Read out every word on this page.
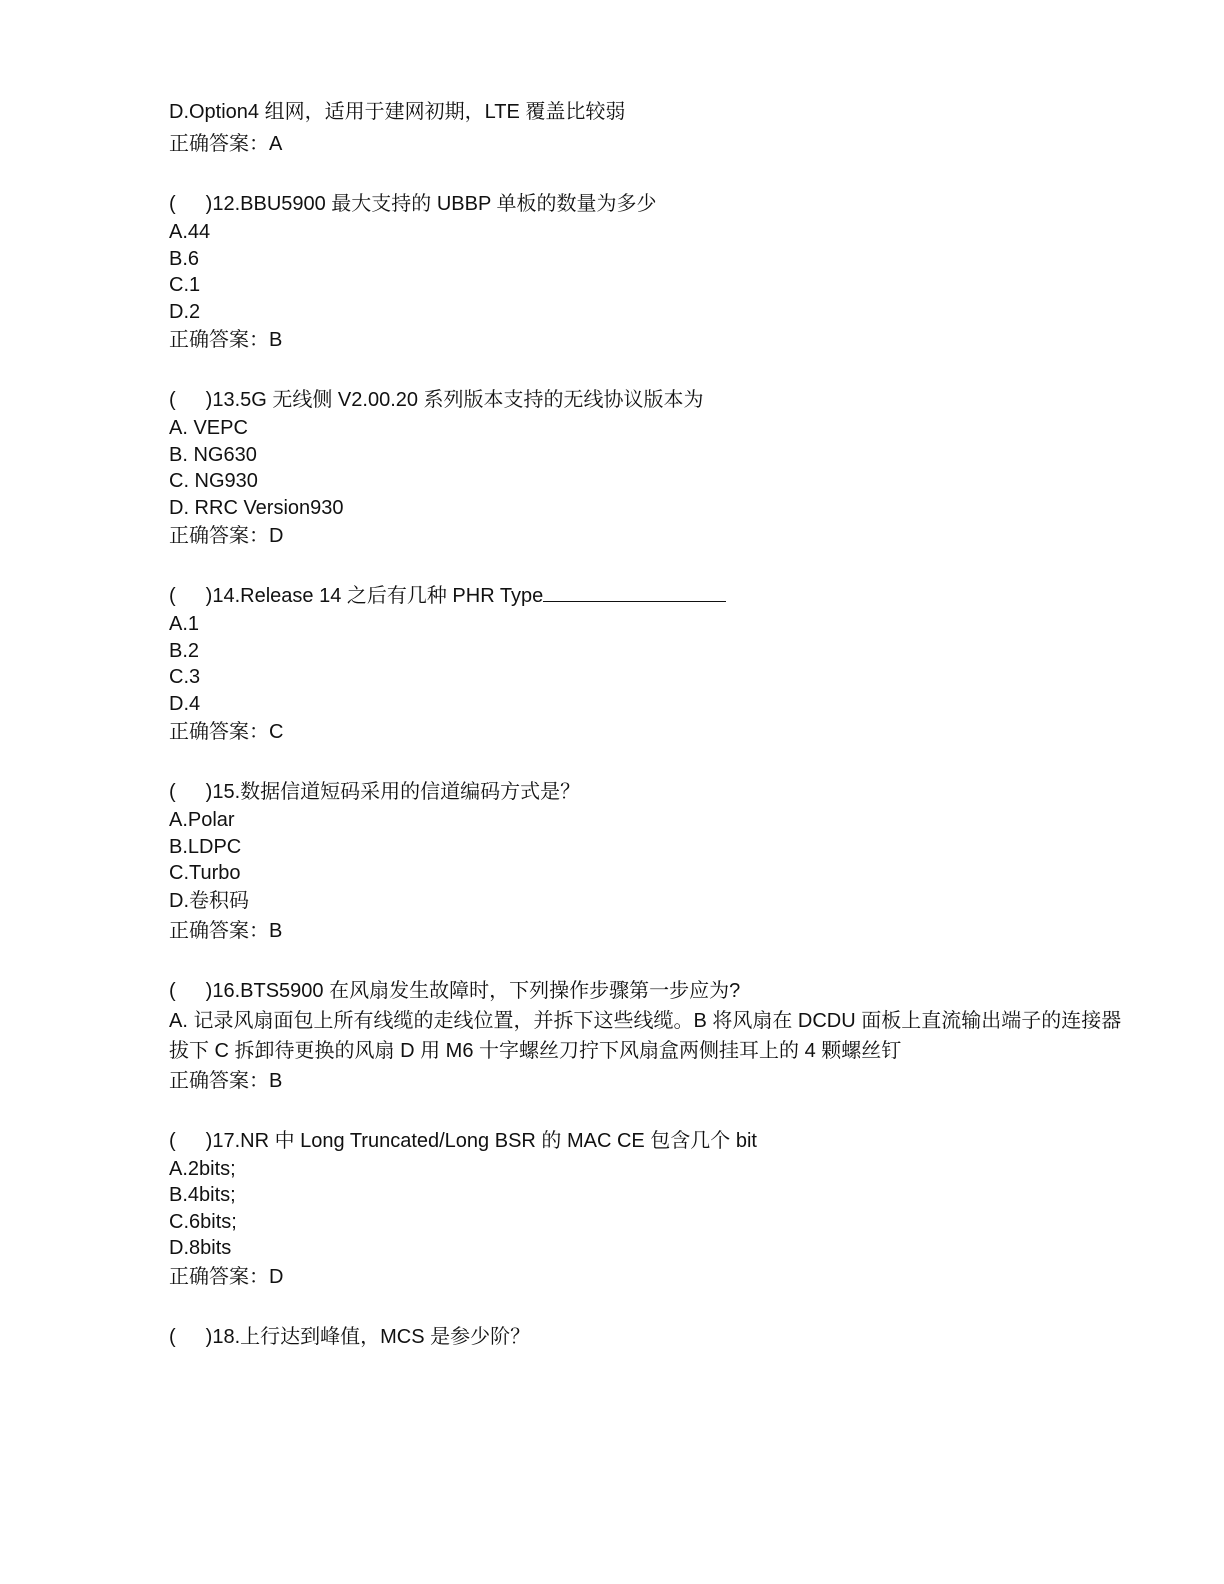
D.Option4 组网，适用于建网初期，LTE 覆盖比较弱
正确答案：A
( )12.BBU5900 最大支持的 UBBP 单板的数量为多少
A.44
B.6
C.1
D.2
正确答案：B
( )13.5G 无线侧 V2.00.20 系列版本支持的无线协议版本为
A. VEPC
B. NG630
C. NG930
D. RRC Version930
正确答案：D
( )14.Release 14 之后有几种 PHR Type
A.1
B.2
C.3
D.4
正确答案：C
( )15.数据信道短码采用的信道编码方式是？
A.Polar
B.LDPC
C.Turbo
D.卷积码
正确答案：B
( )16.BTS5900 在风扇发生故障时，下列操作步骤第一步应为?
A. 记录风扇面包上所有线缆的走线位置，并拆下这些线缆。B 将风扇在 DCDU 面板上直流输出端子的连接器拔下 C 拆卸待更换的风扇 D 用 M6 十字螺丝刀拧下风扇盒两侧挂耳上的 4 颗螺丝钉
正确答案：B
( )17.NR 中 Long Truncated/Long BSR 的 MAC CE 包含几个 bit
A.2bits;
B.4bits;
C.6bits;
D.8bits
正确答案：D
( )18.上行达到峰值，MCS 是参少阶？
